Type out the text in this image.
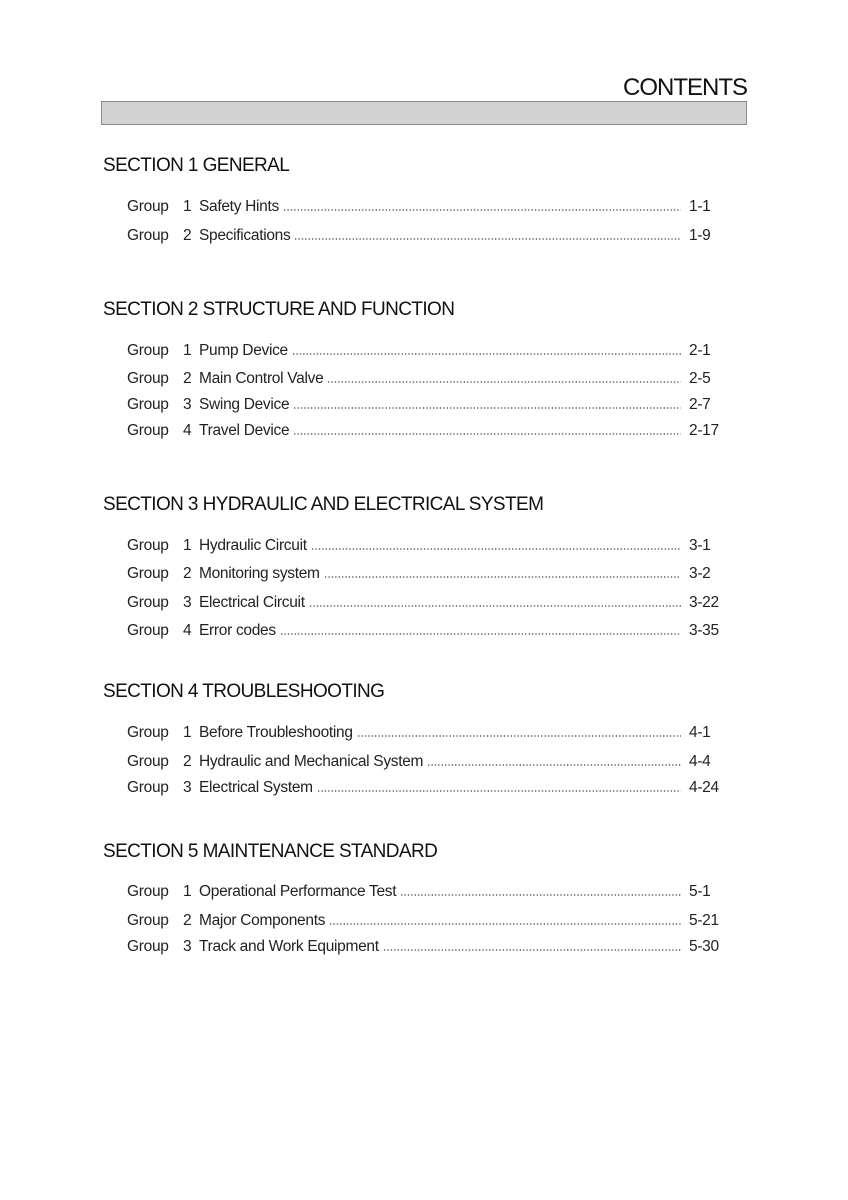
CONTENTS
SECTION 1 GENERAL
Group 1 Safety Hints	1-1
Group 2 Specifications	1-9
SECTION 2 STRUCTURE AND FUNCTION
Group 1 Pump Device	2-1
Group 2 Main Control Valve	2-5
Group 3 Swing Device	2-7
Group 4 Travel Device	2-17
SECTION 3 HYDRAULIC AND ELECTRICAL SYSTEM
Group 1 Hydraulic Circuit	3-1
Group 2 Monitoring system	3-2
Group 3 Electrical Circuit	3-22
Group 4 Error codes	3-35
SECTION 4 TROUBLESHOOTING
Group 1 Before Troubleshooting	4-1
Group 2 Hydraulic and Mechanical System	4-4
Group 3 Electrical System	4-24
SECTION 5 MAINTENANCE STANDARD
Group 1 Operational Performance Test	5-1
Group 2 Major Components	5-21
Group 3 Track and Work Equipment	5-30
